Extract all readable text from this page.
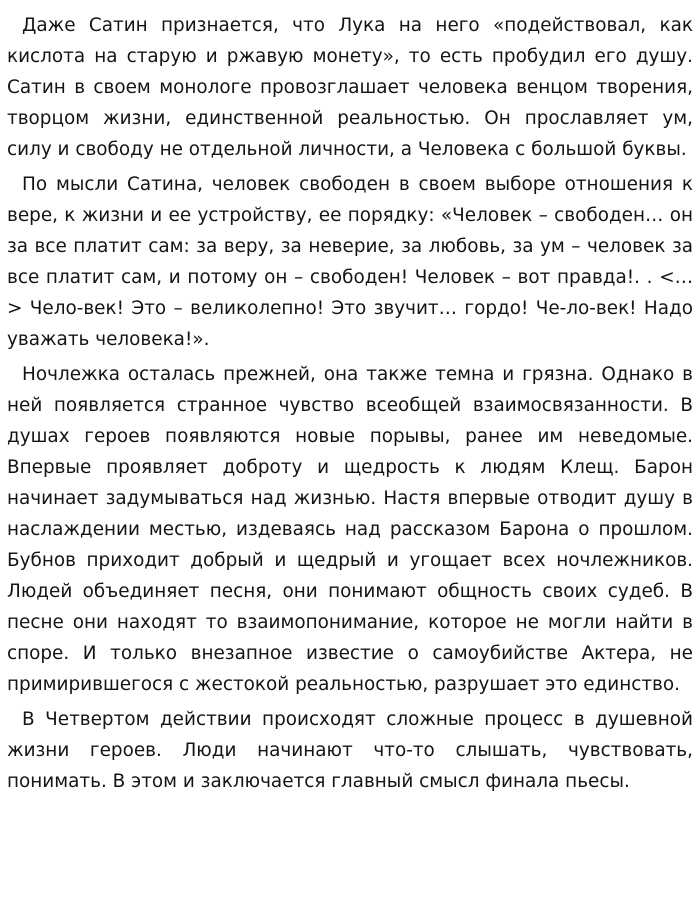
Даже Сатин признается, что Лука на него «подействовал, как кислота на старую и ржавую монету», то есть пробудил его душу. Сатин в своем монологе провозглашает человека венцом творения, творцом жизни, единственной реальностью. Он прославляет ум, силу и свободу не отдельной личности, а Человека с большой буквы.

По мысли Сатина, человек свободен в своем выборе отношения к вере, к жизни и ее устройству, ее порядку: «Человек – свободен… он за все платит сам: за веру, за неверие, за любовь, за ум – человек за все платит сам, и потому он – свободен! Человек – вот правда!. . <…> Чело-век! Это – великолепно! Это звучит… гордо! Че-ло-век! Надо уважать человека!».

Ночлежка осталась прежней, она также темна и грязна. Однако в ней появляется странное чувство всеобщей взаимосвязанности. В душах героев появляются новые порывы, ранее им неведомые. Впервые проявляет доброту и щедрость к людям Клещ. Барон начинает задумываться над жизнью. Настя впервые отводит душу в наслаждении местью, издеваясь над рассказом Барона о прошлом. Бубнов приходит добрый и щедрый и угощает всех ночлежников. Людей объединяет песня, они понимают общность своих судеб. В песне они находят то взаимопонимание, которое не могли найти в споре. И только внезапное известие о самоубийстве Актера, не примирившегося с жестокой реальностью, разрушает это единство.

В Четвертом действии происходят сложные процесс в душевной жизни героев. Люди начинают что-то слышать, чувствовать, понимать. В этом и заключается главный смысл финала пьесы.
